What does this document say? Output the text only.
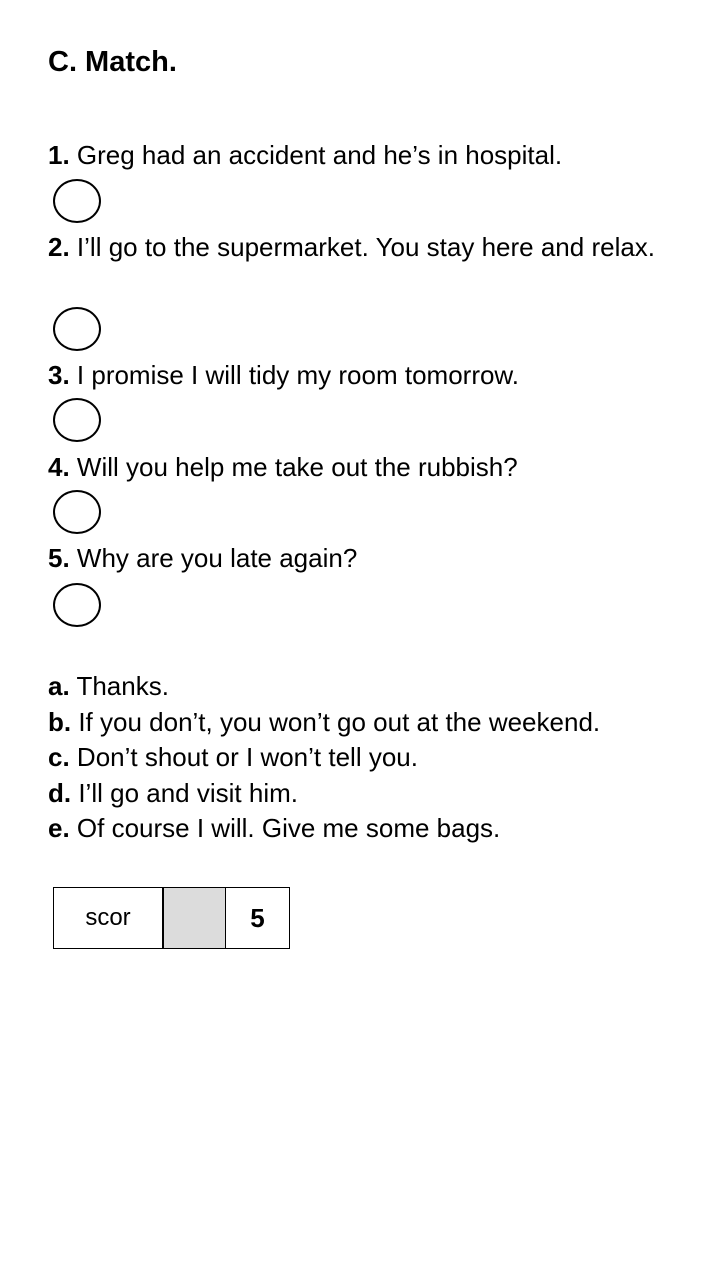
C. Match.
1. Greg had an accident and he’s in hospital.
2. I’ll go to the supermarket. You stay here and relax.
3. I promise I will tidy my room tomorrow.
4. Will you help me take out the rubbish?
5. Why are you late again?

a. Thanks.

b. If you don’t, you won’t go out at the weekend.

c. Don’t shout or I won’t tell you.

d. I’ll go and visit him.

e. Of course I will. Give me some bags.

scor	5
